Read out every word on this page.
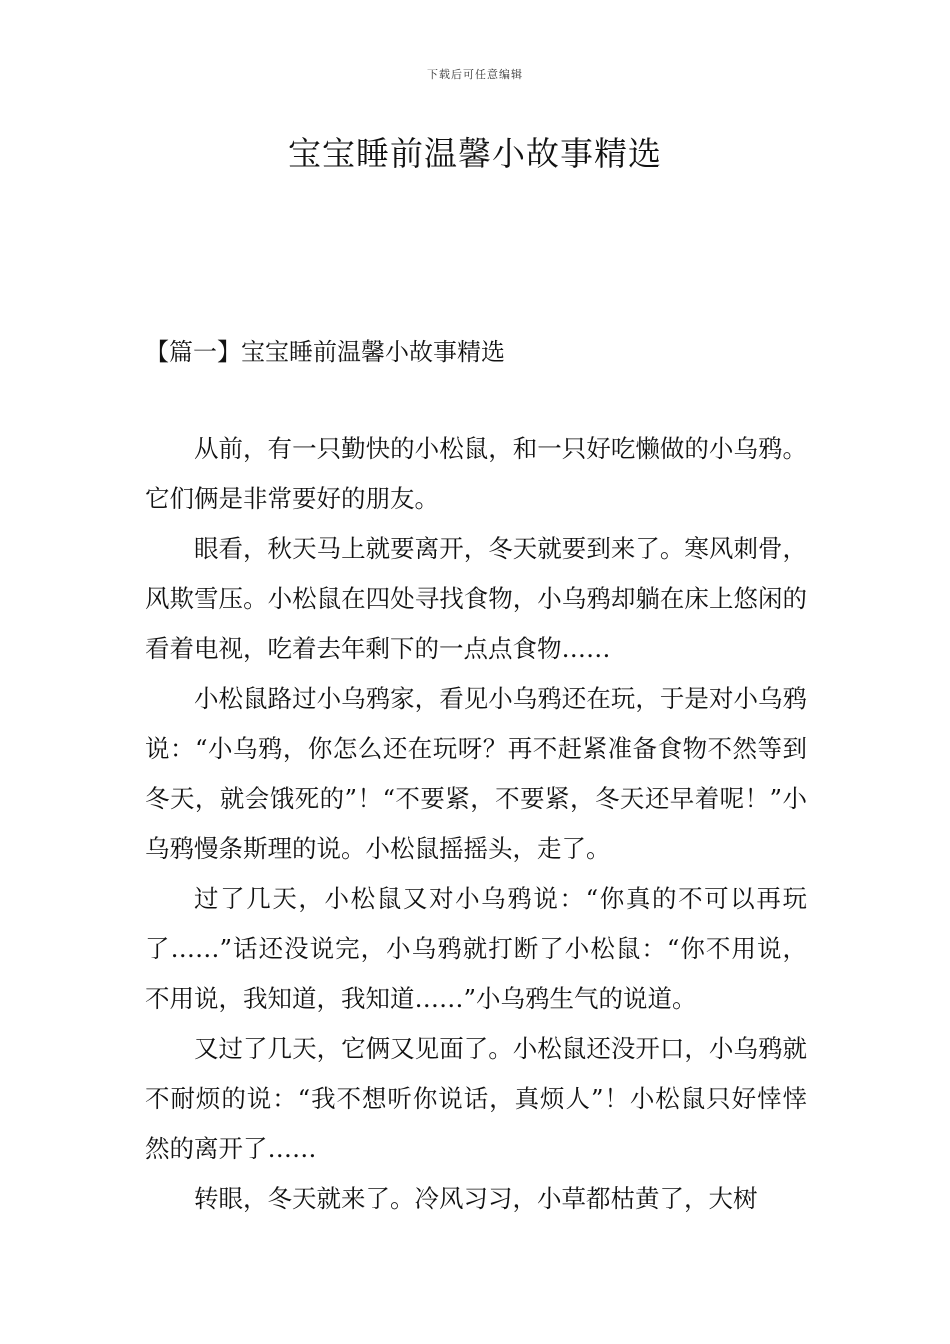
下载后可任意编辑
宝宝睡前温馨小故事精选
【篇一】宝宝睡前温馨小故事精选

从前，有一只勤快的小松鼠，和一只好吃懒做的小乌鸦。它们俩是非常要好的朋友。

眼看，秋天马上就要离开，冬天就要到来了。寒风刺骨，风欺雪压。小松鼠在四处寻找食物，小乌鸦却躺在床上悠闲的看着电视，吃着去年剩下的一点点食物……

小松鼠路过小乌鸦家，看见小乌鸦还在玩，于是对小乌鸦说：“小乌鸦，你怎么还在玩呀？再不赶紧准备食物不然等到冬天，就会饿死的”！“不要紧，不要紧，冬天还早着呢！”小乌鸦慢条斯理的说。小松鼠摇摇头，走了。

过了几天，小松鼠又对小乌鸦说：“你真的不可以再玩了……”话还没说完，小乌鸦就打断了小松鼠：“你不用说，不用说，我知道，我知道……”小乌鸦生气的说道。

又过了几天，它俩又见面了。小松鼠还没开口，小乌鸦就不耐烦的说：“我不想听你说话，真烦人”！小松鼠只好悻悻然的离开了……

转眼，冬天就来了。冷风习习，小草都枯黄了，大树
